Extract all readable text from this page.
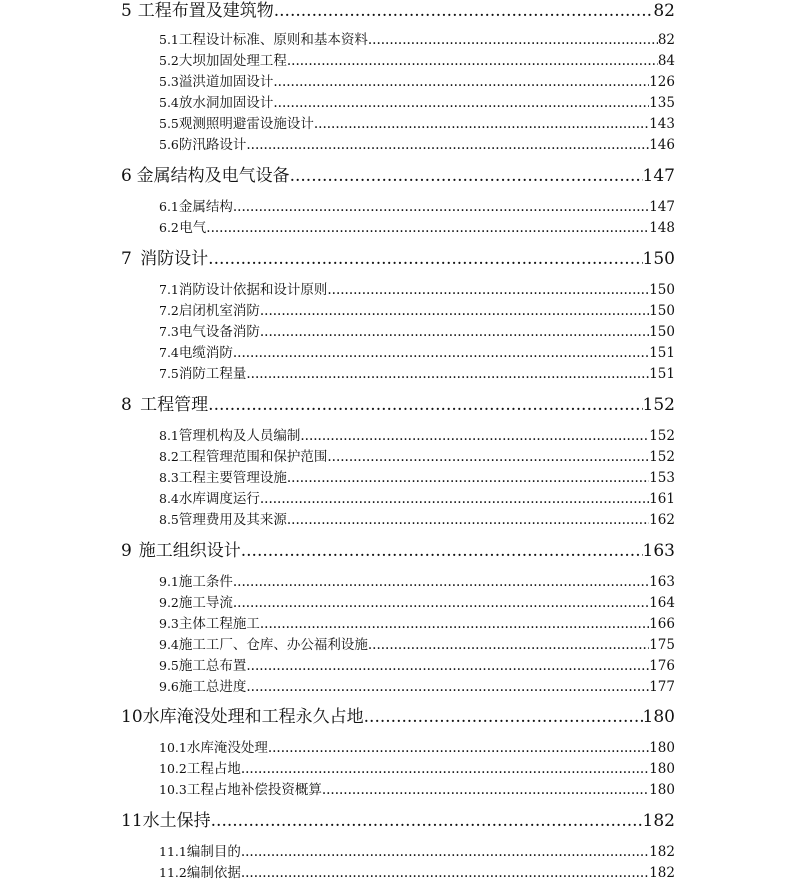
5 工程布置及建筑物 .....	82
5.1 工程设计标准、原则和基本资料 .....	82
5.2 大坝加固处理工程 .....	84
5.3 溢洪道加固设计 .....	126
5.4 放水洞加固设计 .....	135
5.5 观测照明避雷设施设计 .....	143
5.6 防汛路设计 .....	146
6 金属结构及电气设备 .....	147
6.1 金属结构 .....	147
6.2 电气 .....	148
7 消防设计 .....	150
7.1 消防设计依据和设计原则 .....	150
7.2 启闭机室消防 .....	150
7.3 电气设备消防 .....	150
7.4 电缆消防 .....	151
7.5 消防工程量 .....	151
8 工程管理 .....	152
8.1 管理机构及人员编制 .....	152
8.2 工程管理范围和保护范围 .....	152
8.3 工程主要管理设施 .....	153
8.4 水库调度运行 .....	161
8.5 管理费用及其来源 .....	162
9 施工组织设计 .....	163
9.1 施工条件 .....	163
9.2 施工导流 .....	164
9.3 主体工程施工 .....	166
9.4 施工工厂、仓库、办公福利设施 .....	175
9.5 施工总布置 .....	176
9.6 施工总进度 .....	177
10 水库淹没处理和工程永久占地 .....	180
10.1 水库淹没处理 .....	180
10.2 工程占地 .....	180
10.3 工程占地补偿投资概算 .....	180
11 水土保持 .....	182
11.1 编制目的 .....	182
11.2 编制依据 .....	182
